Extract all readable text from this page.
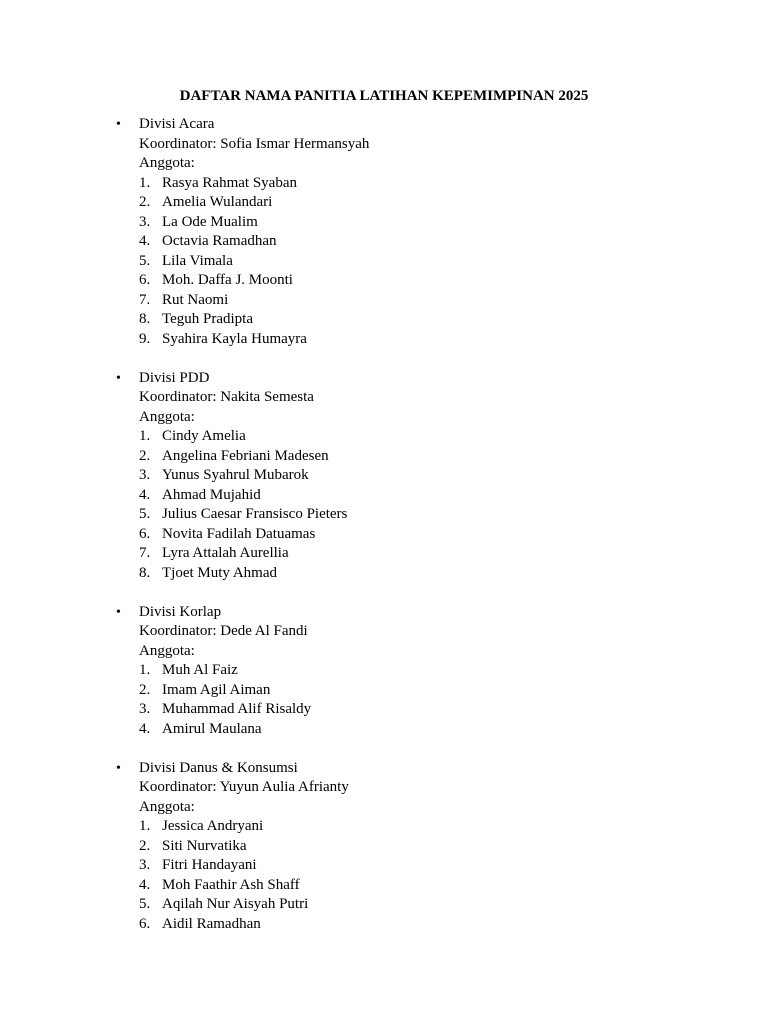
DAFTAR NAMA PANITIA LATIHAN KEPEMIMPINAN 2025
• Divisi Acara
Koordinator: Sofia Ismar Hermansyah
Anggota:
1. Rasya Rahmat Syaban
2. Amelia Wulandari
3. La Ode Mualim
4. Octavia Ramadhan
5. Lila Vimala
6. Moh. Daffa J. Moonti
7. Rut Naomi
8. Teguh Pradipta
9. Syahira Kayla Humayra
• Divisi PDD
Koordinator: Nakita Semesta
Anggota:
1. Cindy Amelia
2. Angelina Febriani Madesen
3. Yunus Syahrul Mubarok
4. Ahmad Mujahid
5. Julius Caesar Fransisco Pieters
6. Novita Fadilah Datuamas
7. Lyra Attalah Aurellia
8. Tjoet Muty Ahmad
• Divisi Korlap
Koordinator: Dede Al Fandi
Anggota:
1. Muh Al Faiz
2. Imam Agil Aiman
3. Muhammad Alif Risaldy
4. Amirul Maulana
• Divisi Danus & Konsumsi
Koordinator: Yuyun Aulia Afrianty
Anggota:
1. Jessica Andryani
2. Siti Nurvatika
3. Fitri Handayani
4. Moh Faathir Ash Shaff
5. Aqilah Nur Aisyah Putri
6. Aidil Ramadhan
